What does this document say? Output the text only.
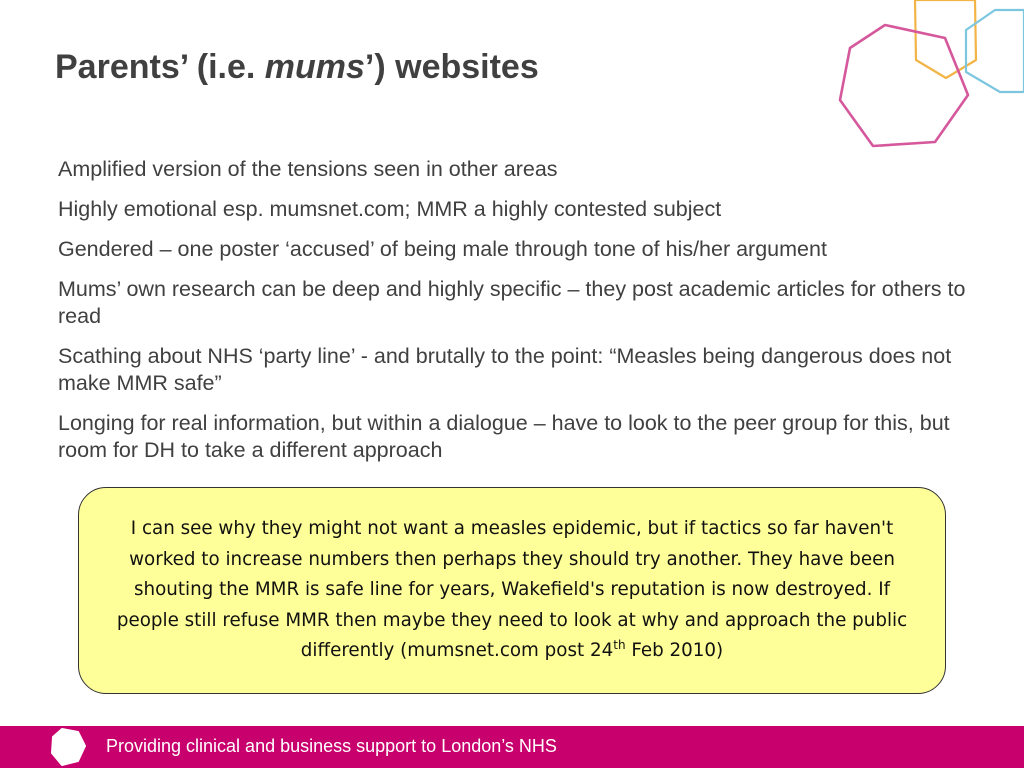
Parents’ (i.e. mums’) websites
Amplified version of the tensions seen in other areas
Highly emotional esp. mumsnet.com; MMR a highly contested subject
Gendered – one poster ‘accused’ of being male through tone of his/her argument
Mums’ own research can be deep and highly specific – they post academic articles for others to read
Scathing about NHS ‘party line’ - and brutally to the point: “Measles being dangerous does not make MMR safe”
Longing for real information, but within a dialogue – have to look to the peer group for this, but room for DH to take a different approach

I can see why they might not want a measles epidemic, but if tactics so far haven't worked to increase numbers then perhaps they should try another. They have been shouting the MMR is safe line for years, Wakefield's reputation is now destroyed. If people still refuse MMR then maybe they need to look at why and approach the public differently (mumsnet.com post 24th Feb 2010)

Providing clinical and business support to London’s NHS
